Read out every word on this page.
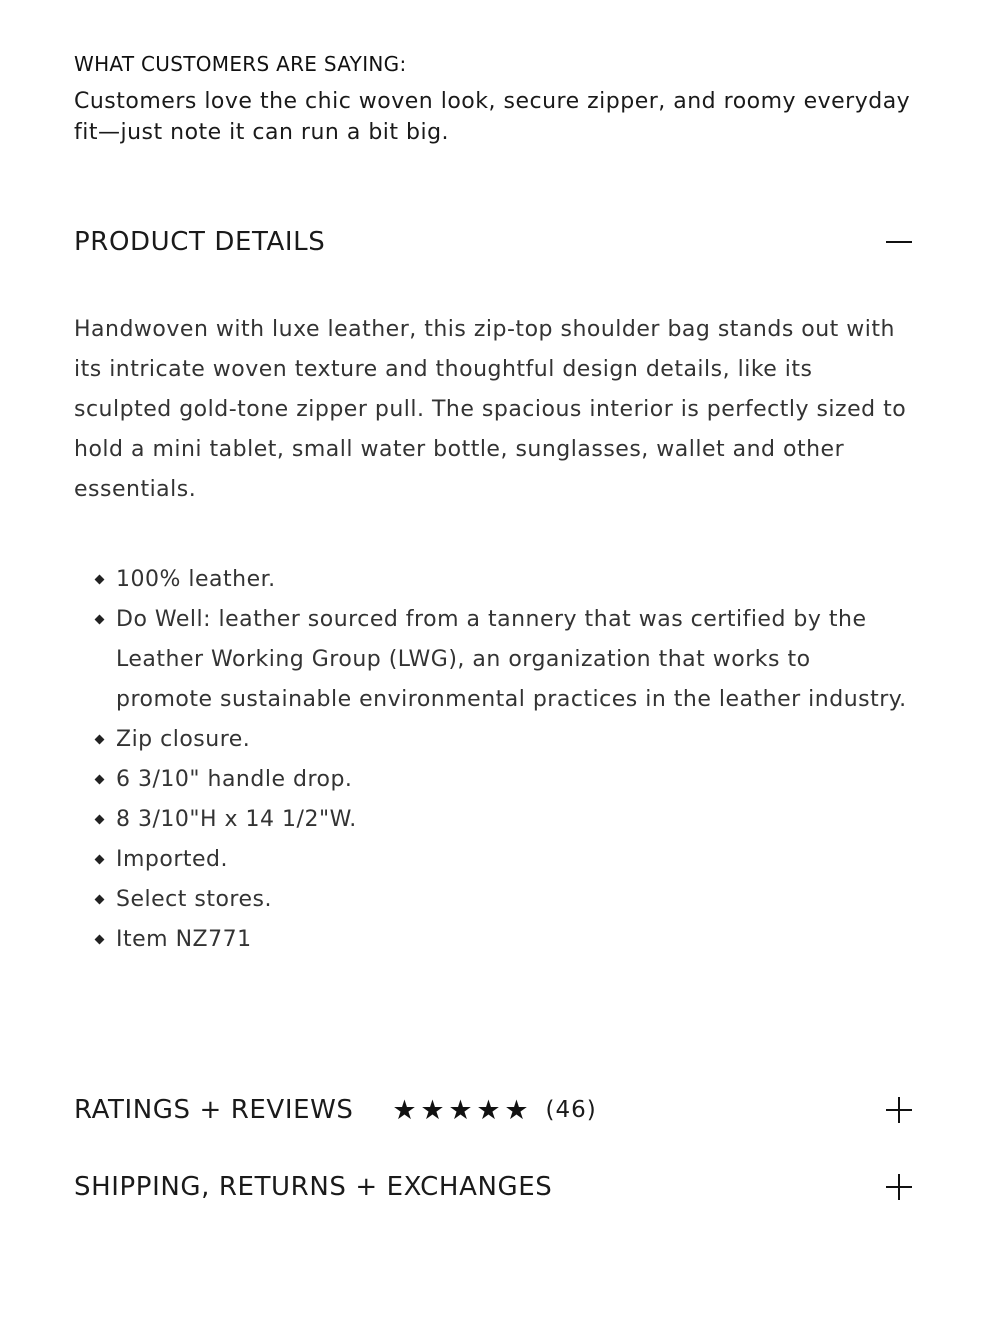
WHAT CUSTOMERS ARE SAYING:

Customers love the chic woven look, secure zipper, and roomy everyday fit—just note it can run a bit big.

PRODUCT DETAILS

Handwoven with luxe leather, this zip-top shoulder bag stands out with its intricate woven texture and thoughtful design details, like its sculpted gold-tone zipper pull. The spacious interior is perfectly sized to hold a mini tablet, small water bottle, sunglasses, wallet and other essentials.

100% leather.
Do Well: leather sourced from a tannery that was certified by the Leather Working Group (LWG), an organization that works to promote sustainable environmental practices in the leather industry.
Zip closure.
6 3/10" handle drop.
8 3/10"H x 14 1/2"W.
Imported.
Select stores.
Item NZ771
RATINGS + REVIEWS ★ ★ ★ ★ ★ (46)
SHIPPING, RETURNS + EXCHANGES
